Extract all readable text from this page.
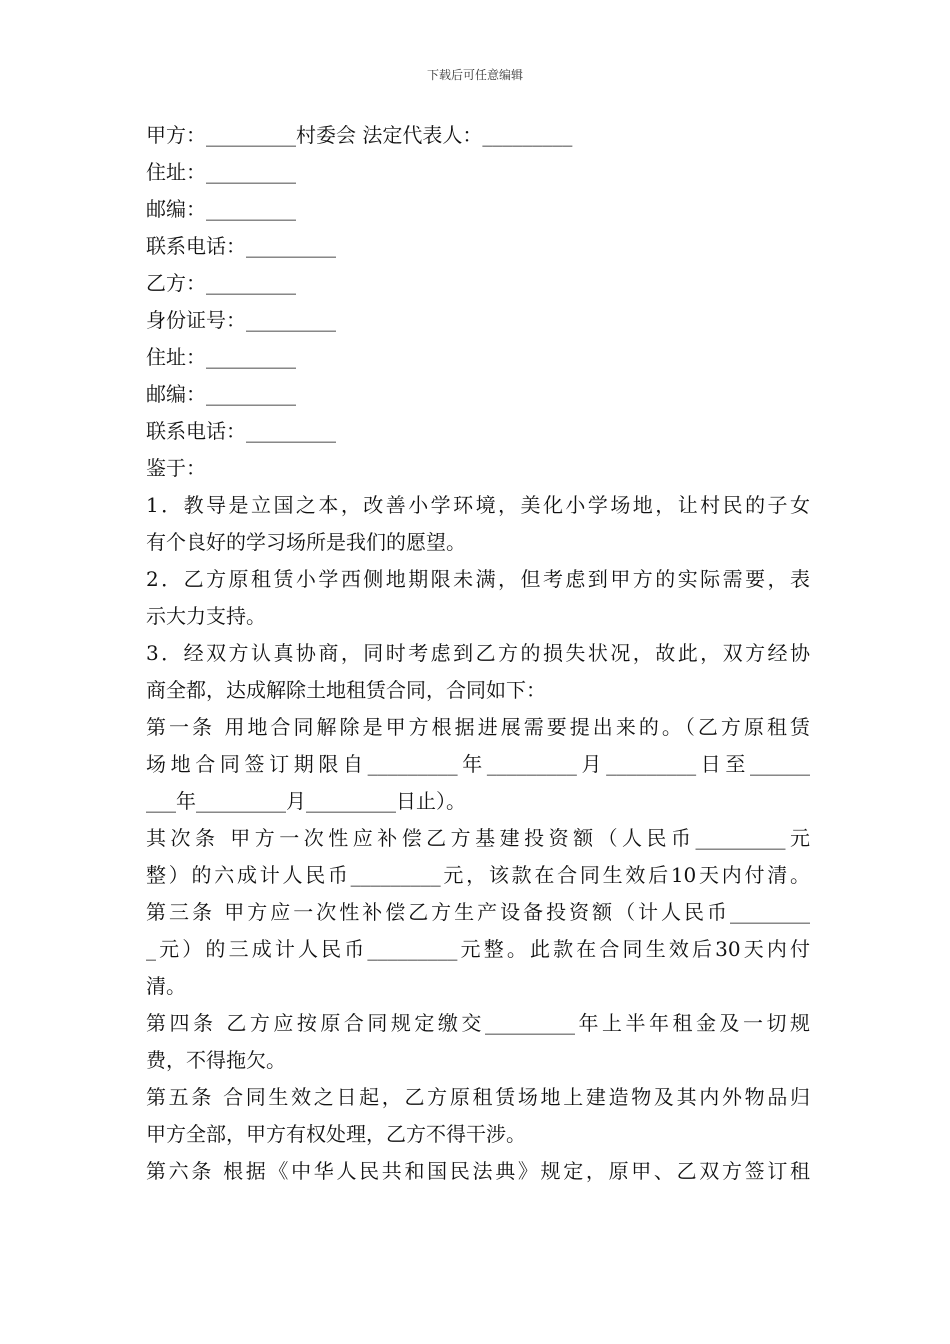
下载后可任意编辑
甲方：_________村委会 法定代表人：_________
住址：_________
邮编：_________
联系电话：_________
乙方：_________
身份证号：_________
住址：_________
邮编：_________
联系电话：_________
鉴于：
1．教导是立国之本，改善小学环境，美化小学场地，让村民的子女
有个良好的学习场所是我们的愿望。
2．乙方原租赁小学西侧地期限未满，但考虑到甲方的实际需要，表
示大力支持。
3．经双方认真协商，同时考虑到乙方的损失状况，故此，双方经协
商全都，达成解除土地租赁合同，合同如下：
第一条 用地合同解除是甲方根据进展需要提出来的。（乙方原租赁
场地合同签订期限自_________年_________月_________日至______
___年_________月_________日止）。
其次条 甲方一次性应补偿乙方基建投资额（人民币_________元
整）的六成计人民币_________元，该款在合同生效后10天内付清。
第三条 甲方应一次性补偿乙方生产设备投资额（计人民币________
_元）的三成计人民币_________元整。此款在合同生效后30天内付
清。
第四条 乙方应按原合同规定缴交_________年上半年租金及一切规
费，不得拖欠。
第五条 合同生效之日起，乙方原租赁场地上建造物及其内外物品归
甲方全部，甲方有权处理，乙方不得干涉。
第六条 根据《中华人民共和国民法典》规定，原甲、乙双方签订租
